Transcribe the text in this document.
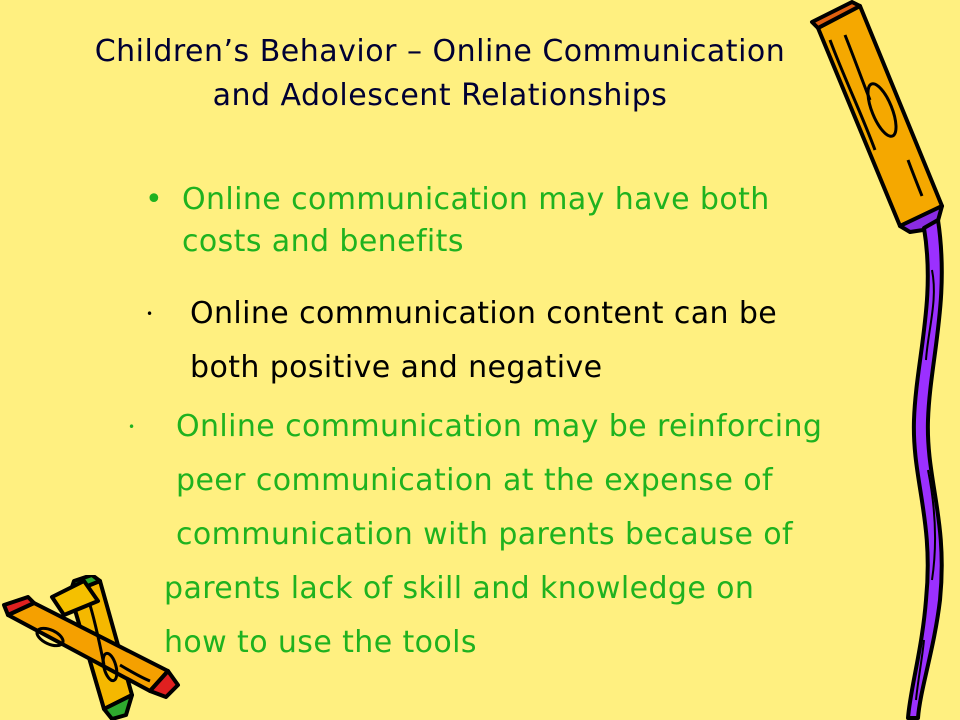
Children’s Behavior – Online Communication
and Adolescent Relationships
• Online communication may have both
costs and benefits
• Online communication content can be
both positive and negative
• Online communication may be reinforcing
peer communication at the expense of
communication with parents because of
parents lack of skill and knowledge on
how to use the tools
